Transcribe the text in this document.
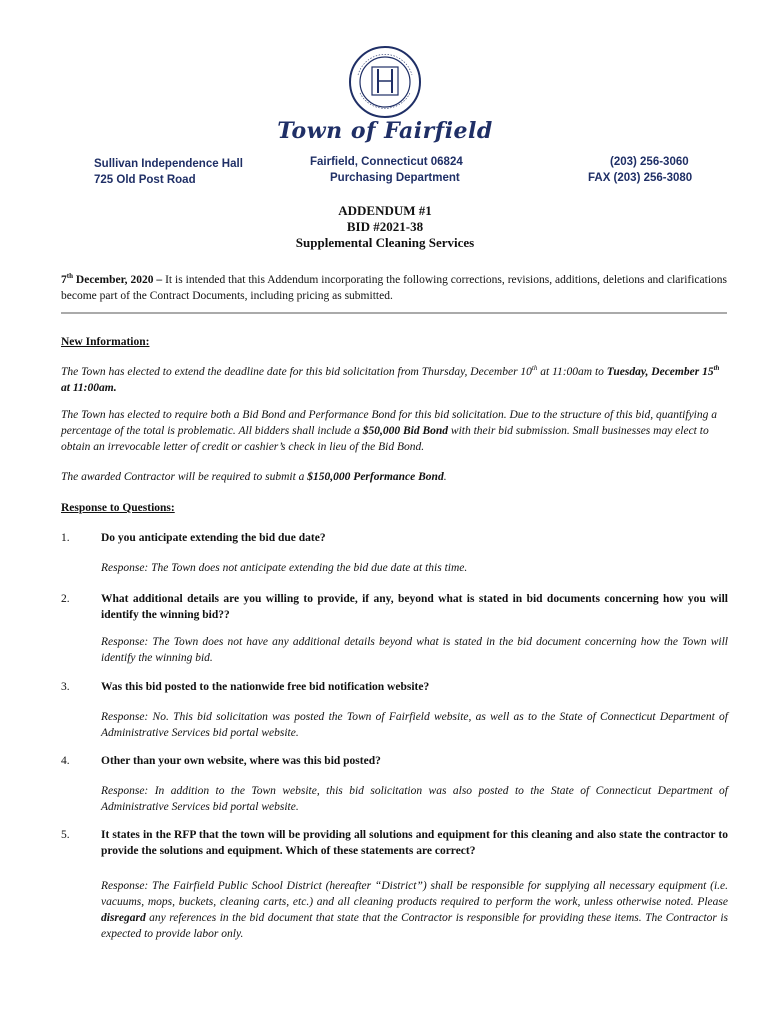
Town of Fairfield
Sullivan Independence Hall
725 Old Post Road
Fairfield, Connecticut 06824
Purchasing Department
(203) 256-3060
FAX (203) 256-3080
ADDENDUM #1
BID #2021-38
Supplemental Cleaning Services
7th December, 2020 – It is intended that this Addendum incorporating the following corrections, revisions, additions, deletions and clarifications become part of the Contract Documents, including pricing as submitted.
New Information:
The Town has elected to extend the deadline date for this bid solicitation from Thursday, December 10th at 11:00am to Tuesday, December 15th at 11:00am.
The Town has elected to require both a Bid Bond and Performance Bond for this bid solicitation. Due to the structure of this bid, quantifying a percentage of the total is problematic. All bidders shall include a $50,000 Bid Bond with their bid submission. Small businesses may elect to obtain an irrevocable letter of credit or cashier’s check in lieu of the Bid Bond.
The awarded Contractor will be required to submit a $150,000 Performance Bond.
Response to Questions:
1.	Do you anticipate extending the bid due date?
Response: The Town does not anticipate extending the bid due date at this time.
2.	What additional details are you willing to provide, if any, beyond what is stated in bid documents concerning how you will identify the winning bid??
Response: The Town does not have any additional details beyond what is stated in the bid document concerning how the Town will identify the winning bid.
3.	Was this bid posted to the nationwide free bid notification website?
Response: No. This bid solicitation was posted the Town of Fairfield website, as well as to the State of Connecticut Department of Administrative Services bid portal website.
4.	Other than your own website, where was this bid posted?
Response: In addition to the Town website, this bid solicitation was also posted to the State of Connecticut Department of Administrative Services bid portal website.
5.	It states in the RFP that the town will be providing all solutions and equipment for this cleaning and also state the contractor to provide the solutions and equipment. Which of these statements are correct?
Response: The Fairfield Public School District (hereafter “District”) shall be responsible for supplying all necessary equipment (i.e. vacuums, mops, buckets, cleaning carts, etc.) and all cleaning products required to perform the work, unless otherwise noted. Please disregard any references in the bid document that state that the Contractor is responsible for providing these items. The Contractor is expected to provide labor only.
